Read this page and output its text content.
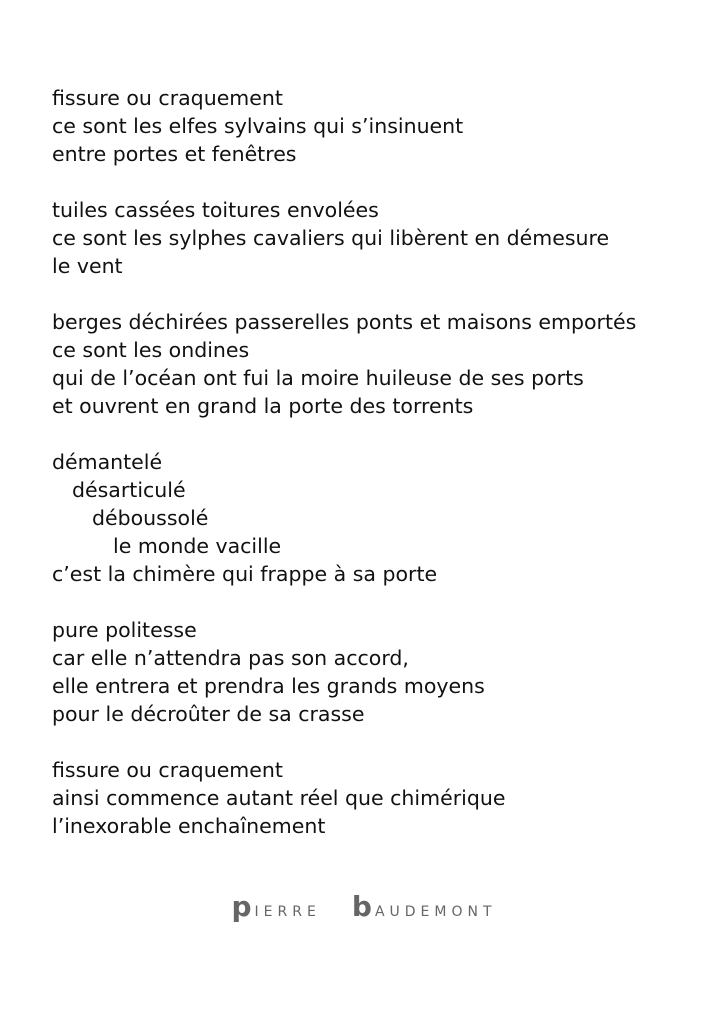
fissure ou craquement
ce sont les elfes sylvains qui s’insinuent
entre portes et fenêtres
tuiles cassées toitures envolées
ce sont les sylphes cavaliers qui libèrent en démesure
le vent
berges déchirées passerelles ponts et maisons emportés
ce sont les ondines
qui de l’océan ont fui la moire huileuse de ses ports
et ouvrent en grand la porte des torrents
démantelé
désarticulé
déboussolé
le monde vacille
c’est la chimère qui frappe à sa porte
pure politesse
car elle n’attendra pas son accord,
elle entrera et prendra les grands moyens
pour le décroûter de sa crasse
fissure ou craquement
ainsi commence autant réel que chimérique
l’inexorable enchaînement
p IERRE b AUDEMONT
